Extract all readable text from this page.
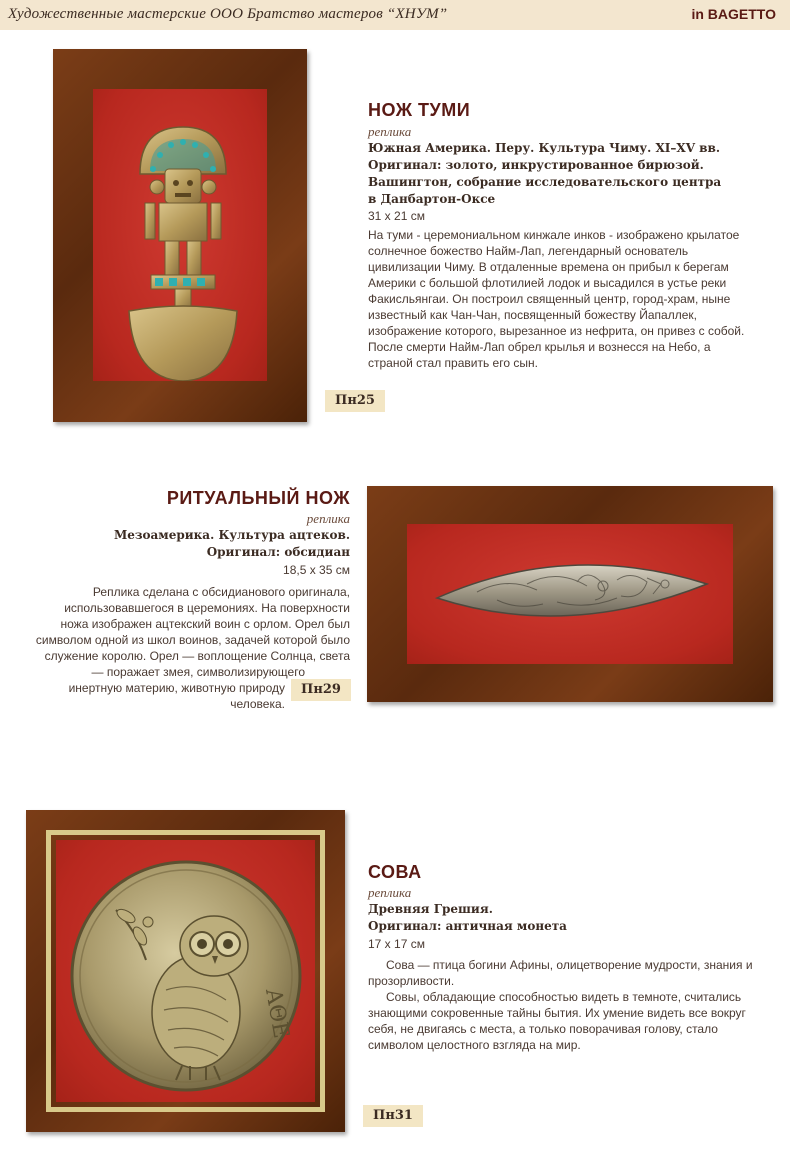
Художественные мастерские ООО Братство мастеров “ХНУМ”	in BAGETTO
НОЖ ТУМИ
реплика
Южная Америка. Перу. Культура Чиму. XI–XV вв.
Оригинал: золото, инкрустированное бирюзой.
Вашингтон, собрание исследовательского центра
в Данбартон-Оксе
31 х 21 см

На туми - церемониальном кинжале инков - изображено крылатое

солнечное божество Найм-Лап, легендарный основатель

цивилизации Чиму. В отдаленные времена он прибыл к берегам

Америки с большой флотилией лодок и высадился в устье реки

Факисльянгаи. Он построил священный центр, город-храм, ныне

известный как Чан-Чан, посвященный божеству Йапаллек,

изображение которого, вырезанное из нефрита, он привез с собой.

После смерти Найм-Лап обрел крылья и вознесся на Небо, а

страной стал править его сын.

Пн25
РИТУАЛЬНЫЙ НОЖ
реплика
Мезоамерика. Культура ацтеков.
Оригинал: обсидиан
18,5 х 35 см

Реплика сделана с обсидианового оригинала,

использовавшегося в церемониях. На поверхности

ножа изображен ацтекский воин с орлом. Орел был

символом одной из школ воинов, задачей которой было

служение королю. Орел — воплощение Солнца, света

— поражает змея, символизирующего

инертную материю, животную природу

человека.

Пн29
ΑΘΕ
СОВА
реплика
Древняя Грешия.
Оригинал: античная монета
17 х 17 см

Сова — птица богини Афины, олицетворение мудрости, знания и

прозорливости.

Совы, обладающие способностью видеть в темноте, считались

знающими сокровенные тайны бытия. Их умение видеть все вокруг

себя, не двигаясь с места, а только поворачивая голову, стало

символом целостного взгляда на мир.

Пн31
